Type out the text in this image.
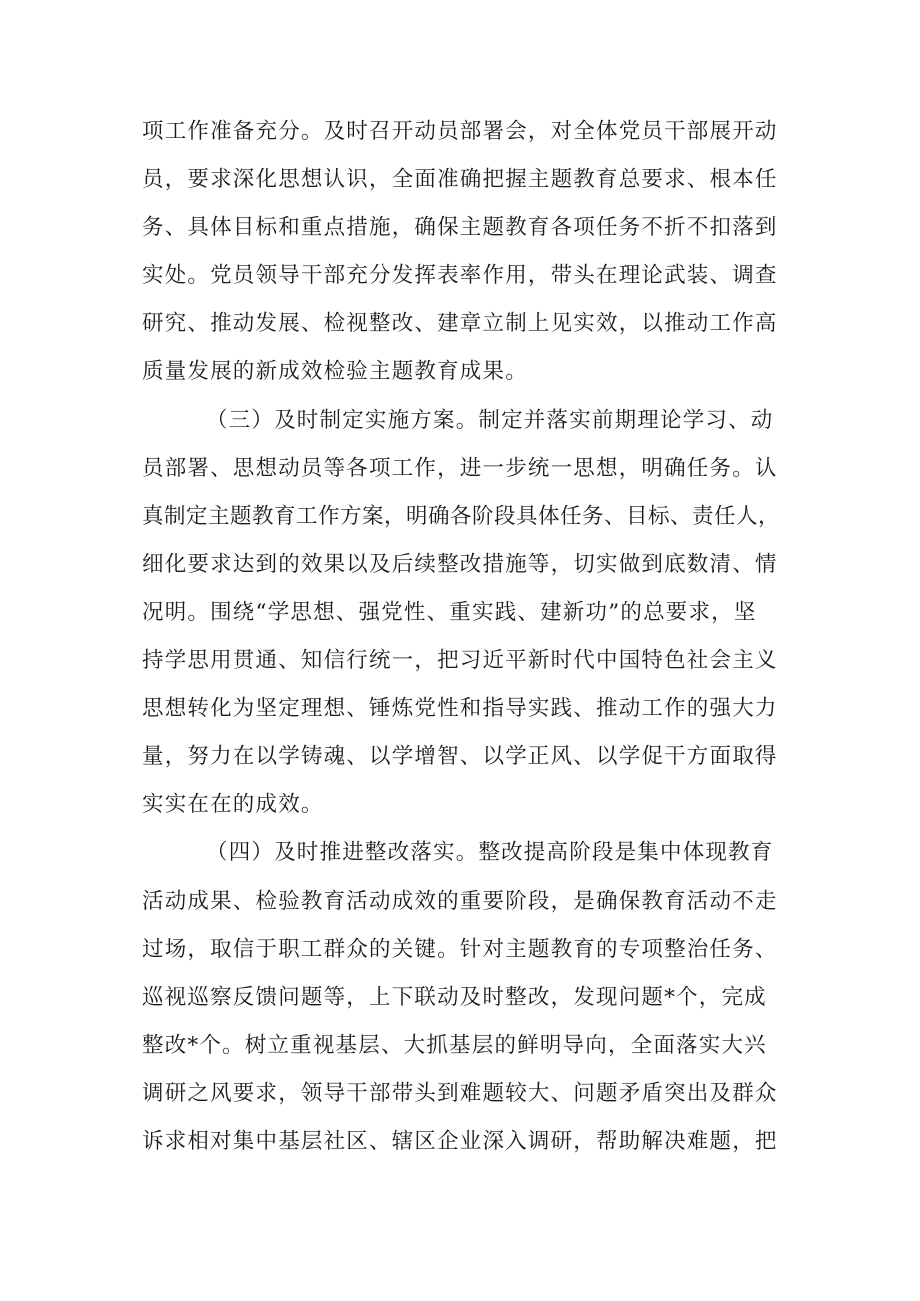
项工作准备充分。及时召开动员部署会，对全体党员干部展开动
员，要求深化思想认识，全面准确把握主题教育总要求、根本任
务、具体目标和重点措施，确保主题教育各项任务不折不扣落到
实处。党员领导干部充分发挥表率作用，带头在理论武装、调查
研究、推动发展、检视整改、建章立制上见实效，以推动工作高
质量发展的新成效检验主题教育成果。
（三）及时制定实施方案。制定并落实前期理论学习、动
员部署、思想动员等各项工作，进一步统一思想，明确任务。认
真制定主题教育工作方案，明确各阶段具体任务、目标、责任人，
细化要求达到的效果以及后续整改措施等，切实做到底数清、情
况明。围绕“学思想、强党性、重实践、建新功”的总要求，坚
持学思用贯通、知信行统一，把习近平新时代中国特色社会主义
思想转化为坚定理想、锤炼党性和指导实践、推动工作的强大力
量，努力在以学铸魂、以学增智、以学正风、以学促干方面取得
实实在在的成效。
（四）及时推进整改落实。整改提高阶段是集中体现教育
活动成果、检验教育活动成效的重要阶段，是确保教育活动不走
过场，取信于职工群众的关键。针对主题教育的专项整治任务、
巡视巡察反馈问题等，上下联动及时整改，发现问题*个，完成
整改*个。树立重视基层、大抓基层的鲜明导向，全面落实大兴
调研之风要求，领导干部带头到难题较大、问题矛盾突出及群众
诉求相对集中基层社区、辖区企业深入调研，帮助解决难题，把
